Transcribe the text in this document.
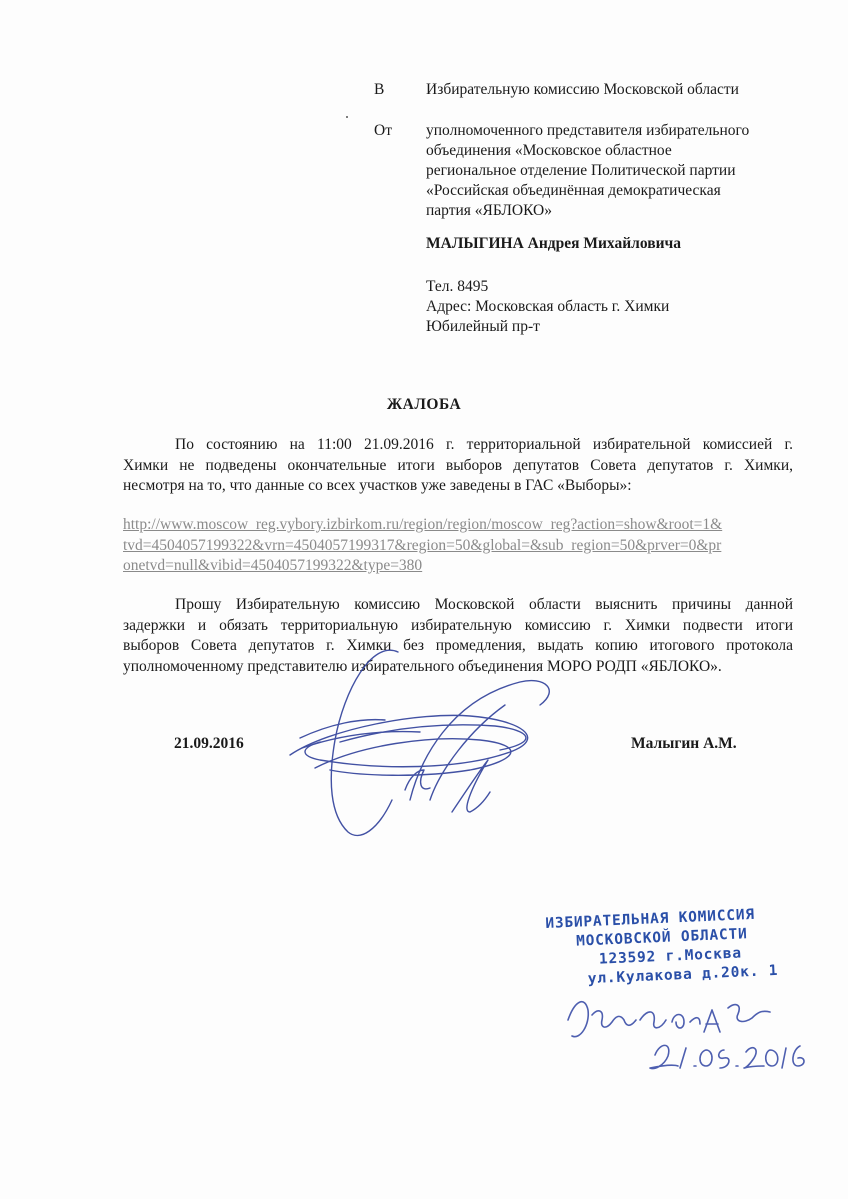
В	Избирательную комиссию Московской области
От уполномоченного представителя избирательного
объединения «Московское областное
региональное отделение Политической партии
«Российская объединённая демократическая
партия «ЯБЛОКО»
МАЛЫГИНА Андрея Михайловича
Тел. 8495
Адрес: Московская область г. Химки
Юбилейный пр-т
ЖАЛОБА
По состоянию на 11:00 21.09.2016 г. территориальной избирательной комиссией г.
Химки не подведены окончательные итоги выборов депутатов Совета депутатов г. Химки,
несмотря на то, что данные со всех участков уже заведены в ГАС «Выборы»:
http://www.moscow_reg.vybory.izbirkom.ru/region/region/moscow_reg?action=show&root=1&
tvd=4504057199322&vrn=4504057199317&region=50&global=&sub_region=50&prver=0&pr
onetvd=null&vibid=4504057199322&type=380
Прошу Избирательную комиссию Московской области выяснить причины данной
задержки и обязать территориальную избирательную комиссию г. Химки подвести итоги
выборов Совета депутатов г. Химки без промедления, выдать копию итогового протокола
уполномоченному представителю избирательного объединения МОРО РОДП «ЯБЛОКО».
21.09.2016	Малыгин А.М.
ИЗБИРАТЕЛЬНАЯ КОМИССИЯ
МОСКОВСКОЙ ОБЛАСТИ
123592 г.Москва
ул.Кулакова д.20к. 1
